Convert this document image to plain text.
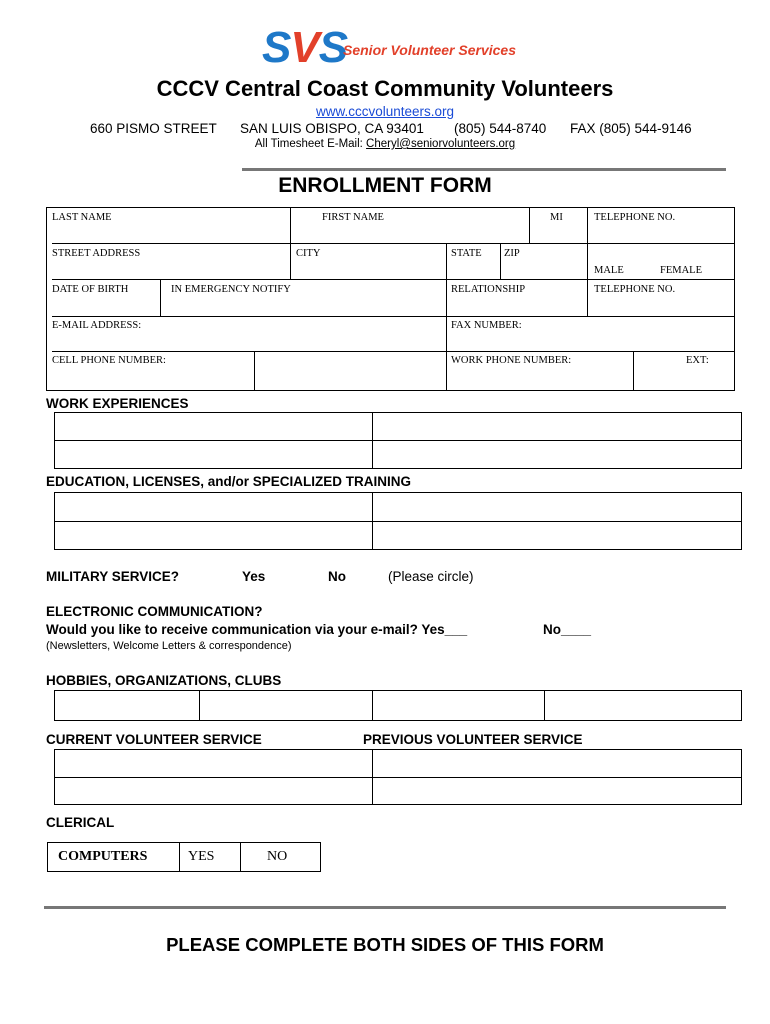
SVS
Senior Volunteer Services
CCCV Central Coast Community Volunteers
www.cccvolunteers.org
660 PISMO STREET SAN LUIS OBISPO, CA 93401 (805) 544-8740 FAX (805) 544-9146
All Timesheet E-Mail: Cheryl@seniorvolunteers.org
ENROLLMENT FORM
LAST NAME	FIRST NAME	MI	TELEPHONE NO.
STREET ADDRESS	CITY	STATE ZIP
MALE	FEMALE
DATE OF BIRTH	IN EMERGENCY NOTIFY	RELATIONSHIP	TELEPHONE NO.
E-MAIL ADDRESS:	FAX NUMBER:
CELL PHONE NUMBER:	WORK PHONE NUMBER:	EXT:
WORK EXPERIENCES

EDUCATION, LICENSES, and/or SPECIALIZED TRAINING

MILITARY SERVICE?	Yes	No	(Please circle)
ELECTRONIC COMMUNICATION?
Would you like to receive communication via your e-mail? Yes___	No____
(Newsletters, Welcome Letters & correspondence)
HOBBIES, ORGANIZATIONS, CLUBS

CURRENT VOLUNTEER SERVICE	PREVIOUS VOLUNTEER SERVICE

CLERICAL
COMPUTERS	YES	NO
PLEASE COMPLETE BOTH SIDES OF THIS FORM
